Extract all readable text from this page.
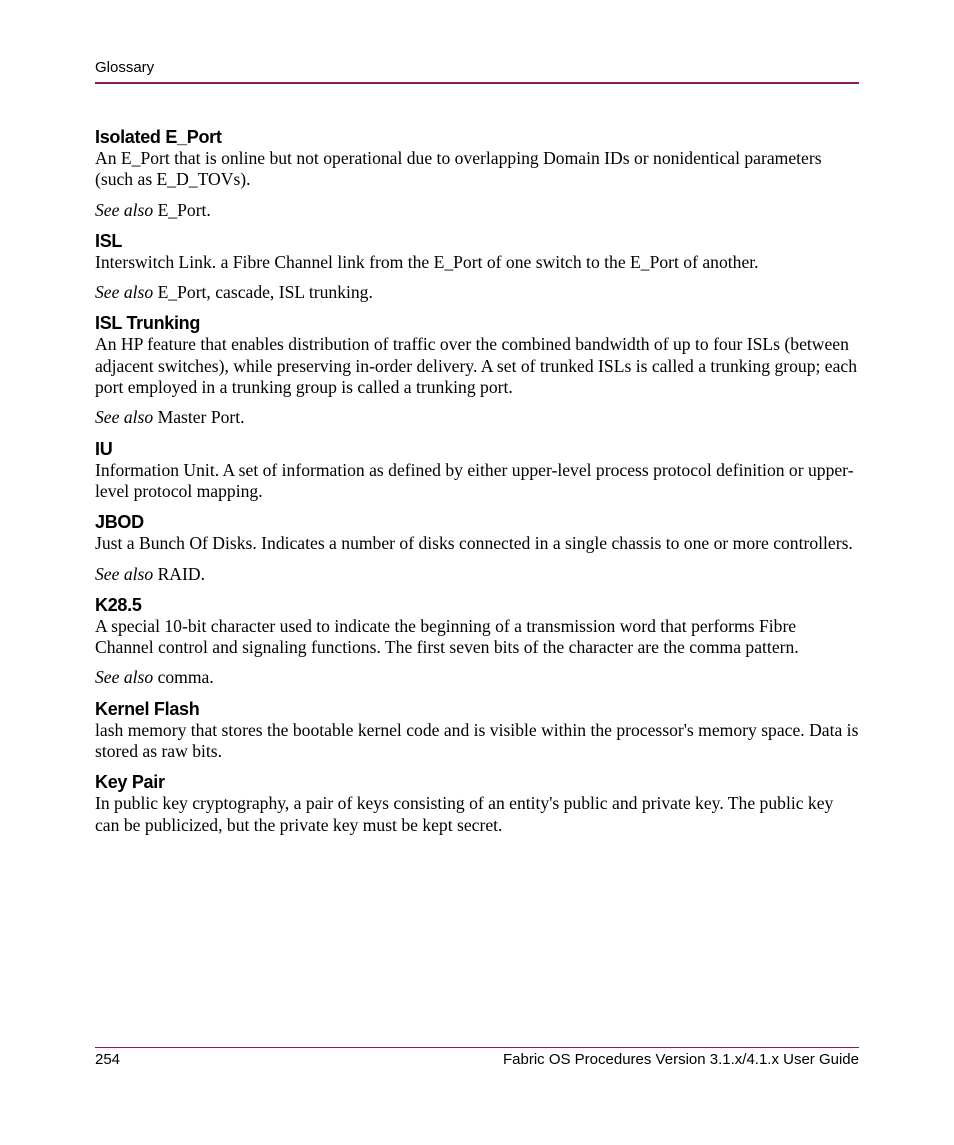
Glossary

Isolated E_Port

An E_Port that is online but not operational due to overlapping Domain IDs or nonidentical parameters (such as E_D_TOVs).

See also E_Port.

ISL

Interswitch Link. a Fibre Channel link from the E_Port of one switch to the E_Port of another.

See also E_Port, cascade, ISL trunking.

ISL Trunking

An HP feature that enables distribution of traffic over the combined bandwidth of up to four ISLs (between adjacent switches), while preserving in-order delivery. A set of trunked ISLs is called a trunking group; each port employed in a trunking group is called a trunking port.

See also Master Port.

IU

Information Unit. A set of information as defined by either upper-level process protocol definition or upper-level protocol mapping.

JBOD

Just a Bunch Of Disks. Indicates a number of disks connected in a single chassis to one or more controllers.

See also RAID.

K28.5

A special 10-bit character used to indicate the beginning of a transmission word that performs Fibre Channel control and signaling functions. The first seven bits of the character are the comma pattern.

See also comma.

Kernel Flash

lash memory that stores the bootable kernel code and is visible within the processor's memory space. Data is stored as raw bits.

Key Pair

In public key cryptography, a pair of keys consisting of an entity's public and private key. The public key can be publicized, but the private key must be kept secret.

254	Fabric OS Procedures Version 3.1.x/4.1.x User Guide
